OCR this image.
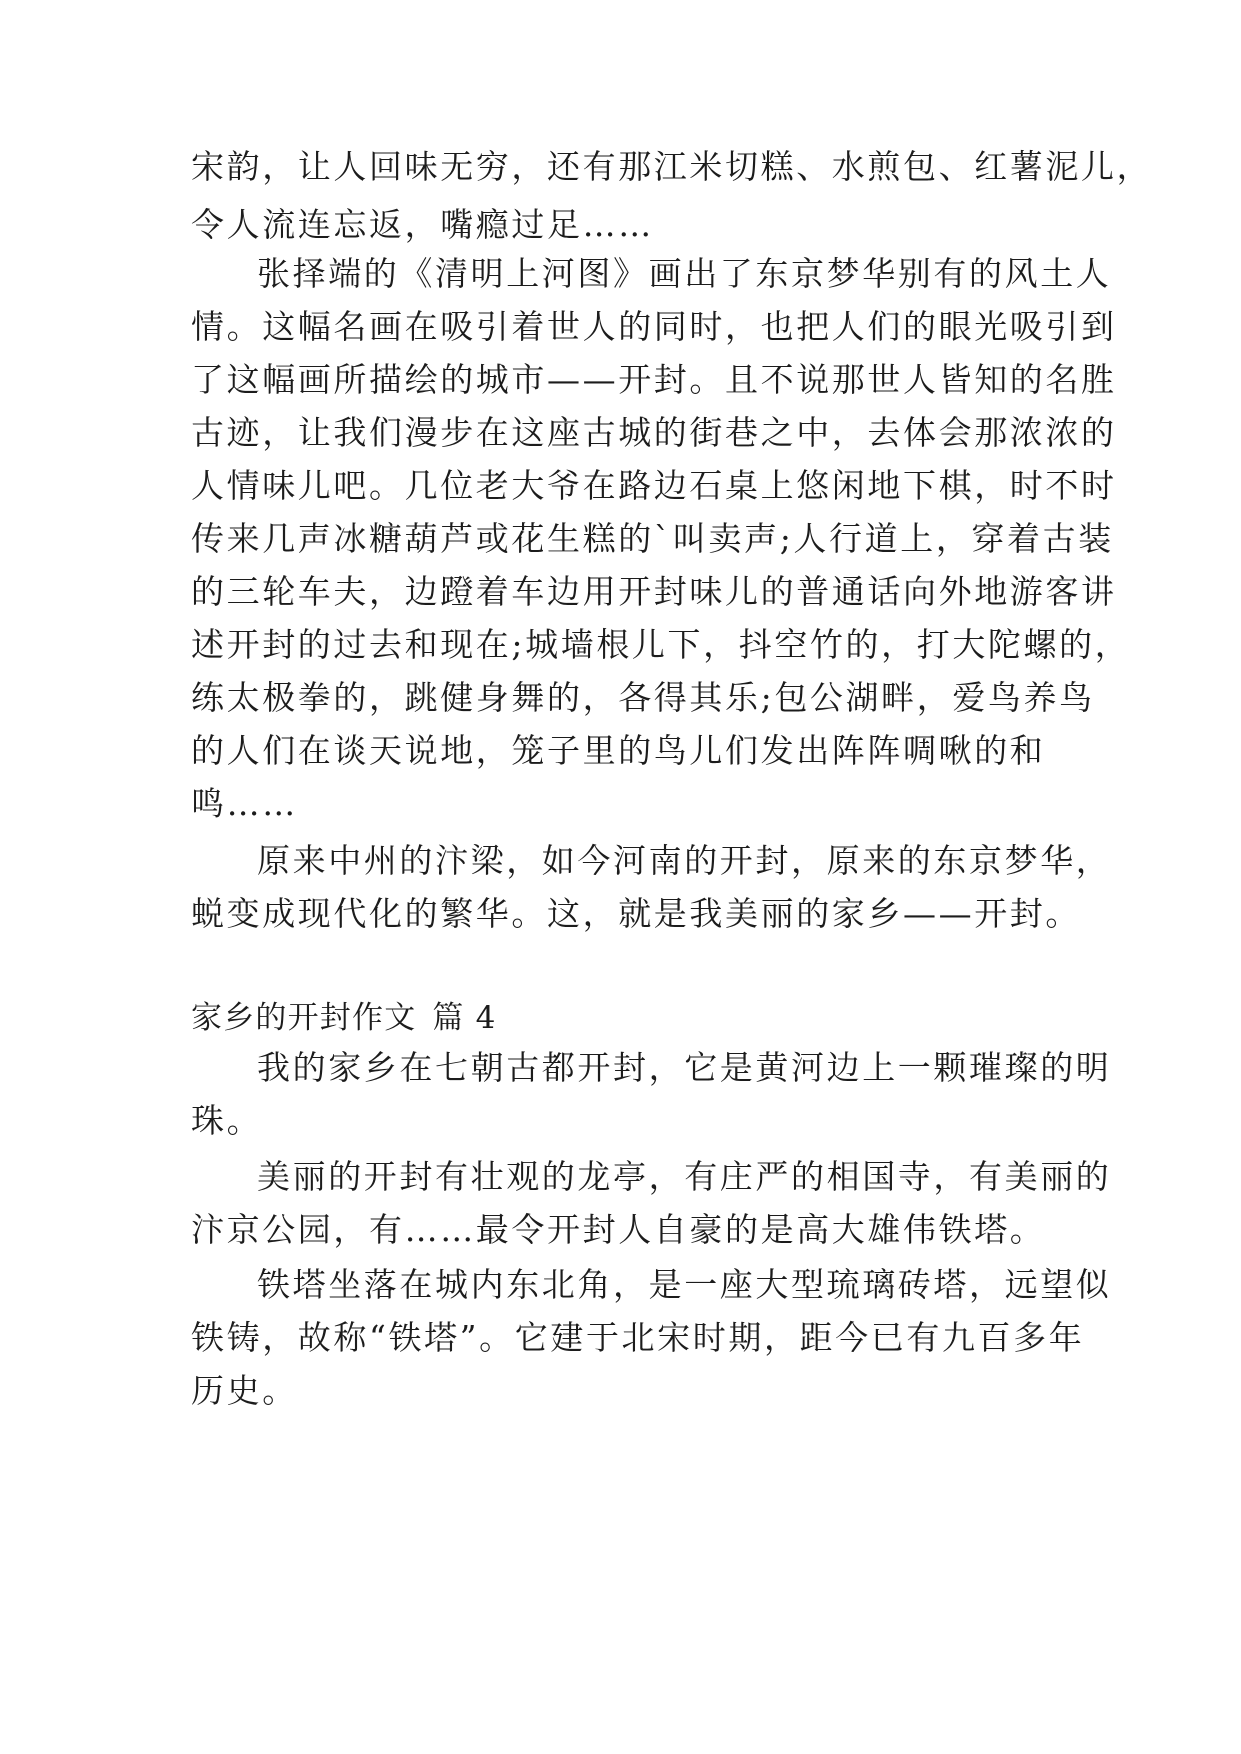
宋韵，让人回味无穷，还有那江米切糕、水煎包、红薯泥儿，
令人流连忘返，嘴瘾过足……
张择端的《清明上河图》画出了东京梦华别有的风土人
情。这幅名画在吸引着世人的同时，也把人们的眼光吸引到
了这幅画所描绘的城市——开封。且不说那世人皆知的名胜
古迹，让我们漫步在这座古城的街巷之中，去体会那浓浓的
人情味儿吧。几位老大爷在路边石桌上悠闲地下棋，时不时
传来几声冰糖葫芦或花生糕的`叫卖声;人行道上，穿着古装
的三轮车夫，边蹬着车边用开封味儿的普通话向外地游客讲
述开封的过去和现在;城墙根儿下，抖空竹的，打大陀螺的，
练太极拳的，跳健身舞的，各得其乐;包公湖畔，爱鸟养鸟
的人们在谈天说地，笼子里的鸟儿们发出阵阵啁啾的和
鸣……
原来中州的汴梁，如今河南的开封，原来的东京梦华，
蜕变成现代化的繁华。这，就是我美丽的家乡——开封。
家乡的开封作文 篇 4
我的家乡在七朝古都开封，它是黄河边上一颗璀璨的明
珠。
美丽的开封有壮观的龙亭，有庄严的相国寺，有美丽的
汴京公园，有……最令开封人自豪的是高大雄伟铁塔。
铁塔坐落在城内东北角，是一座大型琉璃砖塔，远望似
铁铸，故称“铁塔”。它建于北宋时期，距今已有九百多年
历史。
